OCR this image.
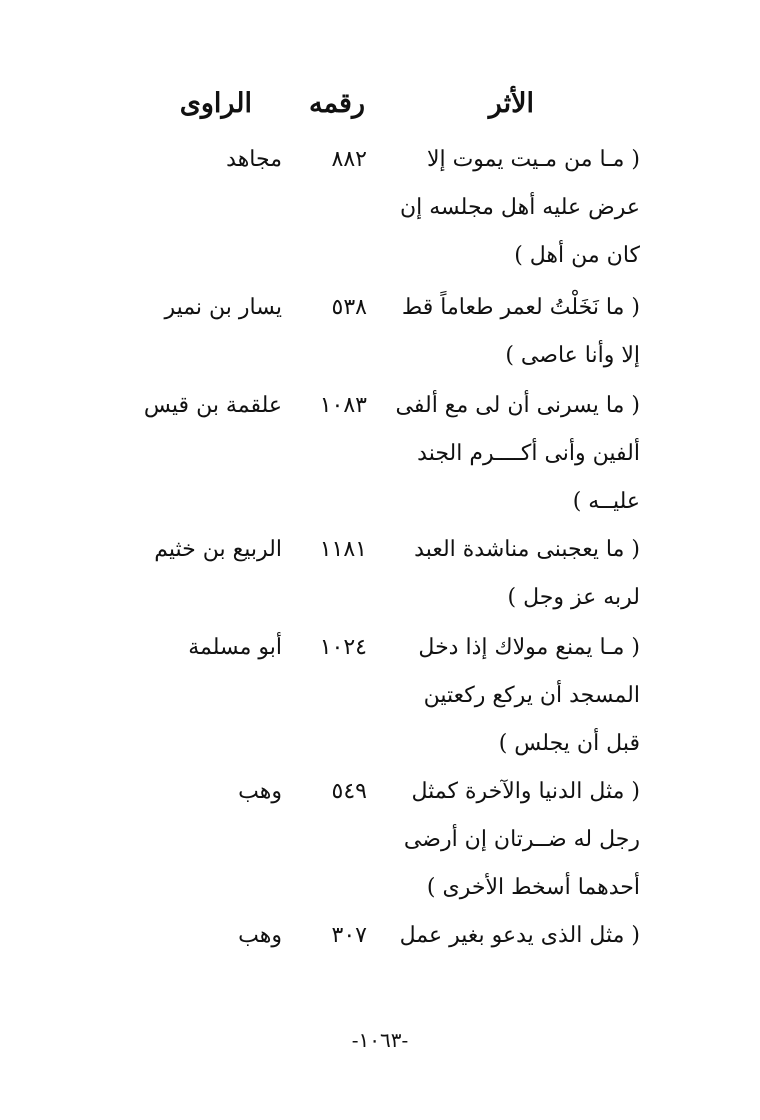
الأثر
رقمه
الراوى
( مـا من مـيت يموت إلا
عرض عليه أهل مجلسه إن
كان من أهل )
٨٨٢
مجاهد
( ما نَخَلْتُ لعمر طعاماً قط
إلا وأنا عاصى )
٥٣٨
يسار بن نمير
( ما يسرنى أن لى مع ألفى
ألفين وأنى أكــــرم الجند
عليــه )
١٠٨٣
علقمة بن قيس
( ما يعجبنى مناشدة العبد
لربه عز وجل )
١١٨١
الربيع بن خثيم
( مـا يمنع مولاك إذا دخل
المسجد أن يركع ركعتين
قبل أن يجلس )
١٠٢٤
أبو مسلمة
( مثل الدنيا والآخرة كمثل
رجل له ضــرتان إن أرضى
أحدهما أسخط الأخرى )
٥٤٩
وهب
( مثل الذى يدعو بغير عمل
٣٠٧
وهب
-١٠٦٣-
